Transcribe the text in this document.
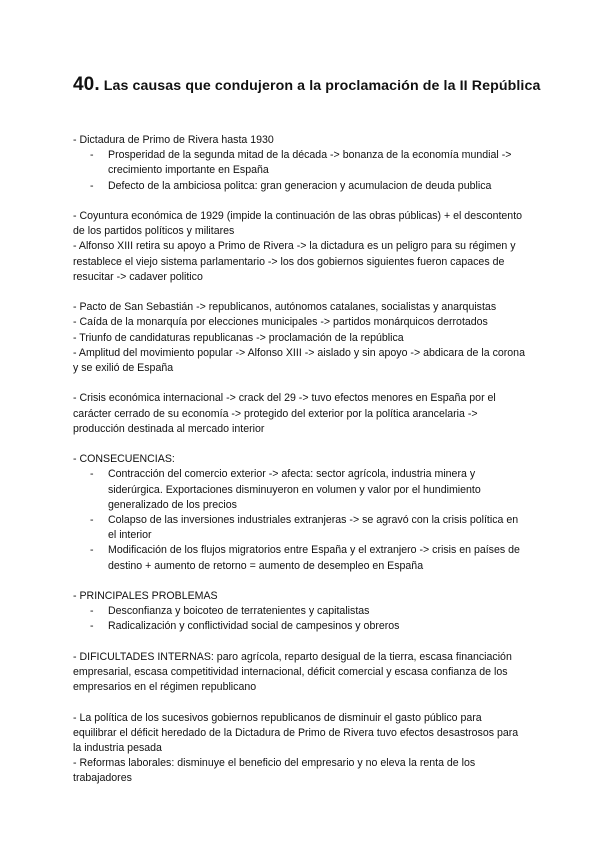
40. Las causas que condujeron a la proclamación de la II República

- Dictadura de Primo de Rivera hasta 1930

- Prosperidad de la segunda mitad de la década -> bonanza de la economía mundial -> crecimiento importante en España
- Defecto de la ambiciosa politca: gran generacion y acumulacion de deuda publica

- Coyuntura económica de 1929 (impide la continuación de las obras públicas) + el descontento de los partidos políticos y militares

- Alfonso XIII retira su apoyo a Primo de Rivera -> la dictadura es un peligro para su régimen y restablece el viejo sistema parlamentario -> los dos gobiernos siguientes fueron capaces de resucitar -> cadaver politico

- Pacto de San Sebastián -> republicanos, autónomos catalanes, socialistas y anarquistas

- Caída de la monarquía por elecciones municipales -> partidos monárquicos derrotados

- Triunfo de candidaturas republicanas -> proclamación de la república

- Amplitud del movimiento popular -> Alfonso XIII -> aislado y sin apoyo -> abdicara de la corona y se exilió de España

- Crisis económica internacional -> crack del 29 -> tuvo efectos menores en España por el carácter cerrado de su economía -> protegido del exterior por la política arancelaria -> producción destinada al mercado interior

- CONSECUENCIAS:

- Contracción del comercio exterior -> afecta: sector agrícola, industria minera y siderúrgica. Exportaciones disminuyeron en volumen y valor por el hundimiento generalizado de los precios
- Colapso de las inversiones industriales extranjeras -> se agravó con la crisis política en el interior
- Modificación de los flujos migratorios entre España y el extranjero -> crisis en países de destino + aumento de retorno = aumento de desempleo en España

- PRINCIPALES PROBLEMAS

- Desconfianza y boicoteo de terratenientes y capitalistas
- Radicalización y conflictividad social de campesinos y obreros

- DIFICULTADES INTERNAS: paro agrícola, reparto desigual de la tierra, escasa financiación empresarial, escasa competitividad internacional, déficit comercial y escasa confianza de los empresarios en el régimen republicano

- La política de los sucesivos gobiernos republicanos de disminuir el gasto público para equilibrar el déficit heredado de la Dictadura de Primo de Rivera tuvo efectos desastrosos para la industria pesada

- Reformas laborales: disminuye el beneficio del empresario y no eleva la renta de los trabajadores
